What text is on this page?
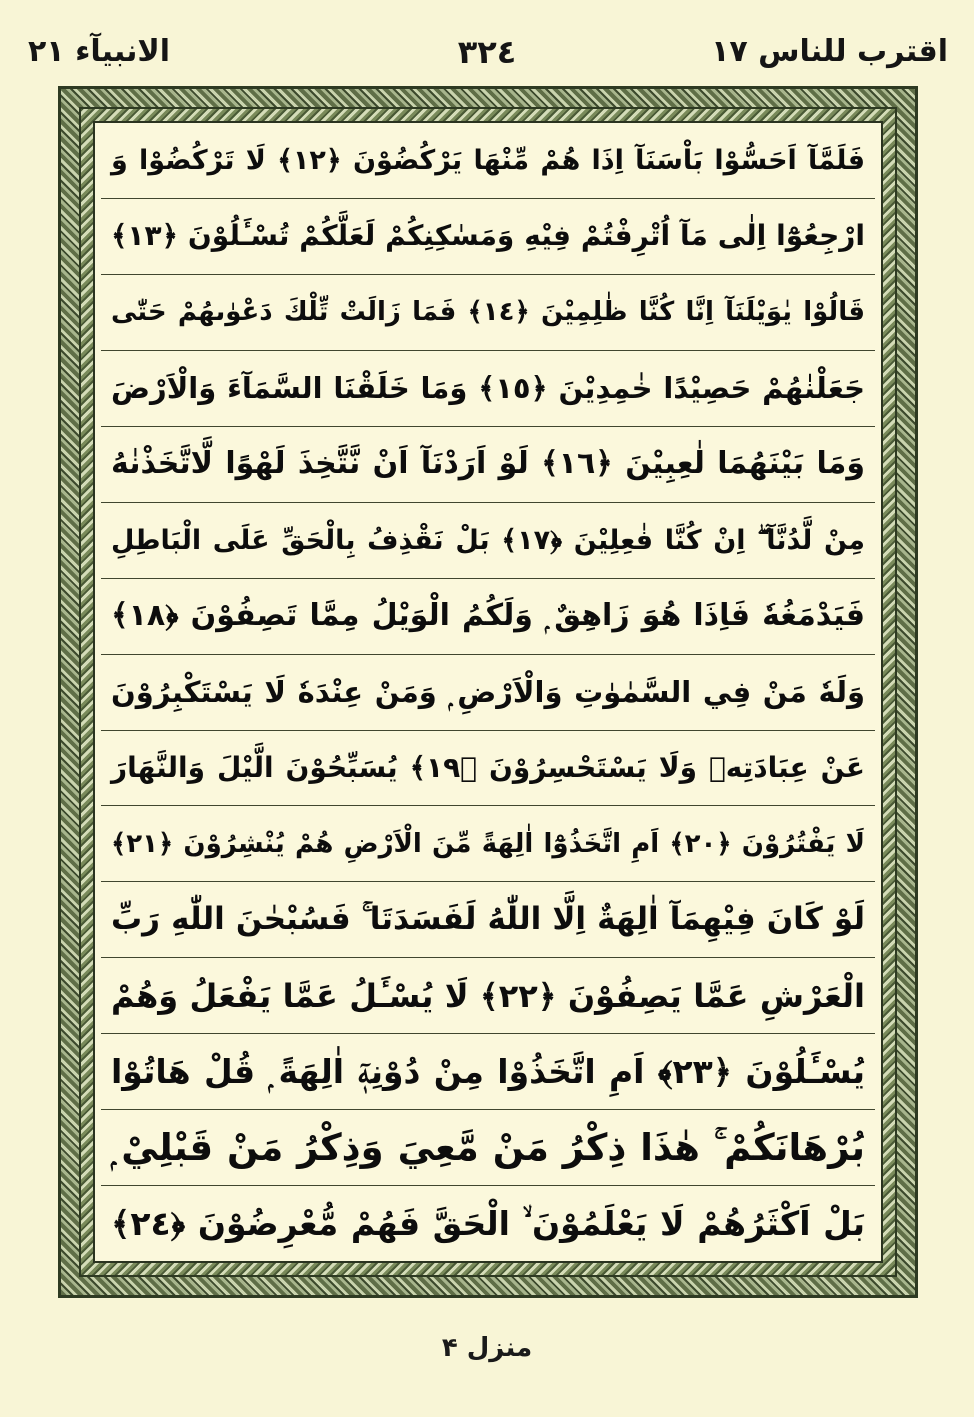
اقترب للناس ١٧
٣٢٤
الانبيآء ٢١
فَلَمَّآ اَحَسُّوْا بَاْسَنَآ اِذَا هُمْ مِّنْهَا يَرْكُضُوْنَ ﴿١٢﴾ لَا تَرْكُضُوْا وَ
ارْجِعُوْٓا اِلٰى مَآ اُتْرِفْتُمْ فِيْهِ وَمَسٰكِنِكُمْ لَعَلَّكُمْ تُسْـَٔلُوْنَ ﴿١٣﴾
قَالُوْا يٰوَيْلَنَآ اِنَّا كُنَّا ظٰلِمِيْنَ ﴿١٤﴾ فَمَا زَالَتْ تِّلْكَ دَعْوٰىهُمْ حَتّٰى
جَعَلْنٰهُمْ حَصِيْدًا خٰمِدِيْنَ ﴿١٥﴾ وَمَا خَلَقْنَا السَّمَآءَ وَالْاَرْضَ
وَمَا بَيْنَهُمَا لٰعِبِيْنَ ﴿١٦﴾ لَوْ اَرَدْنَآ اَنْ نَّتَّخِذَ لَهْوًا لَّاتَّخَذْنٰهُ
مِنْ لَّدُنَّآ ۖ اِنْ كُنَّا فٰعِلِيْنَ ﴿١٧﴾ بَلْ نَقْذِفُ بِالْحَقِّ عَلَى الْبَاطِلِ
فَيَدْمَغُهٗ فَاِذَا هُوَ زَاهِقٌ ۭ وَلَكُمُ الْوَيْلُ مِمَّا تَصِفُوْنَ ﴿١٨﴾
وَلَهٗ مَنْ فِي السَّمٰوٰتِ وَالْاَرْضِ ۭ وَمَنْ عِنْدَهٗ لَا يَسْتَكْبِرُوْنَ
عَنْ عِبَادَتِهٖ وَلَا يَسْتَحْسِرُوْنَ ﴿١٩﴾ يُسَبِّحُوْنَ الَّيْلَ وَالنَّهَارَ
لَا يَفْتُرُوْنَ ﴿٢٠﴾ اَمِ اتَّخَذُوْٓا اٰلِهَةً مِّنَ الْاَرْضِ هُمْ يُنْشِرُوْنَ ﴿٢١﴾
لَوْ كَانَ فِيْهِمَآ اٰلِهَةٌ اِلَّا اللّٰهُ لَفَسَدَتَا ۚ فَسُبْحٰنَ اللّٰهِ رَبِّ
الْعَرْشِ عَمَّا يَصِفُوْنَ ﴿٢٢﴾ لَا يُسْـَٔلُ عَمَّا يَفْعَلُ وَهُمْ
يُسْـَٔلُوْنَ ﴿٢٣﴾ اَمِ اتَّخَذُوْا مِنْ دُوْنِهٖٓ اٰلِهَةً ۭ قُلْ هَاتُوْا
بُرْهَانَكُمْ ۚ هٰذَا ذِكْرُ مَنْ مَّعِيَ وَذِكْرُ مَنْ قَبْلِيْ ۭ
بَلْ اَكْثَرُهُمْ لَا يَعْلَمُوْنَ ۙ الْحَقَّ فَهُمْ مُّعْرِضُوْنَ ﴿٢٤﴾
منزل ۴
